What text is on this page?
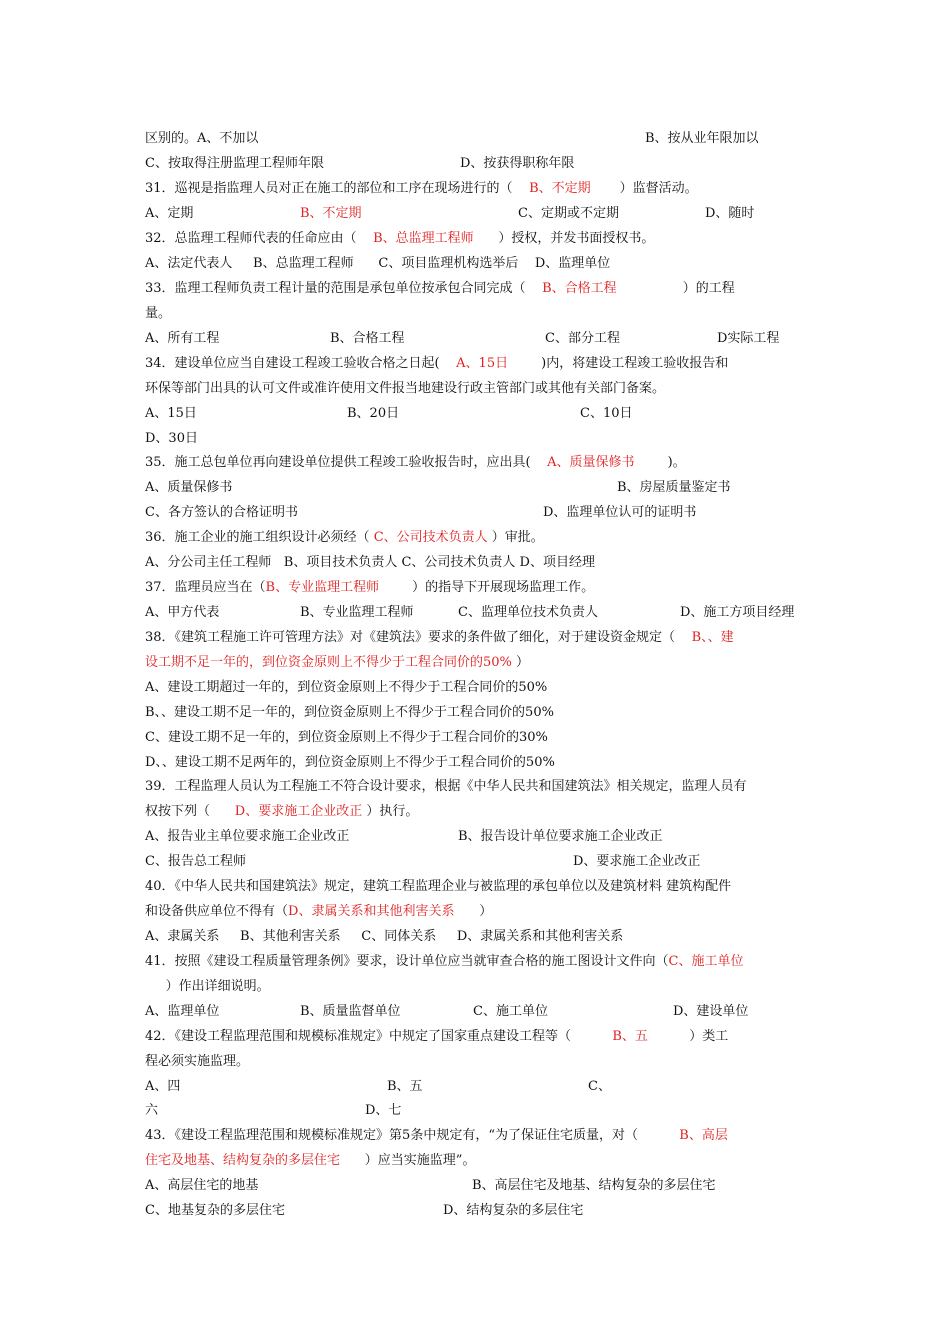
区别的。A、不加以	B、按从业年限加以
C、按取得注册监理工程师年限	D、按获得职称年限
31．巡视是指监理人员对正在施工的部位和工序在现场进行的（    B、不定期       ）监督活动。
A、定期	B、不定期	C、定期或不定期	D、随时
32．总监理工程师代表的任命应由（    B、总监理工程师      ）授权，并发书面授权书。
A、法定代表人     B、总监理工程师      C、项目监理机构选举后    D、监理单位
33．监理工程师负责工程计量的范围是承包单位按承包合同完成（    B、合格工程                ）的工程
量。
A、所有工程	B、合格工程	C、部分工程	D实际工程
34．建设单位应当自建设工程竣工验收合格之日起(    A、15日        )内，将建设工程竣工验收报告和
环保等部门出具的认可文件或准许使用文件报当地建设行政主管部门或其他有关部门备案。
A、15日	B、20日	C、10日
D、30日
35．施工总包单位再向建设单位提供工程竣工验收报告时，应出具(    A、质量保修书        )。
A、质量保修书	B、房屋质量鉴定书
C、各方签认的合格证明书	D、监理单位认可的证明书
36．施工企业的施工组织设计必须经（ C、公司技术负责人 ）审批。
A、分公司主任工程师   B、项目技术负责人 C、公司技术负责人 D、项目经理
37．监理员应当在（B、专业监理工程师        ）的指导下开展现场监理工作。
A、甲方代表	B、专业监理工程师	C、监理单位技术负责人	D、施工方项目经理
38．《建筑工程施工许可管理方法》对《建筑法》要求的条件做了细化，对于建设资金规定（    B、、建
设工期不足一年的，到位资金原则上不得少于工程合同价的50% ）
A、建设工期超过一年的，到位资金原则上不得少于工程合同价的50%
B、、建设工期不足一年的，到位资金原则上不得少于工程合同价的50%
C、建设工期不足一年的，到位资金原则上不得少于工程合同价的30%
D、、建设工期不足两年的，到位资金原则上不得少于工程合同价的50%
39．工程监理人员认为工程施工不符合设计要求，根据《中华人民共和国建筑法》相关规定，监理人员有
权按下列（      D、要求施工企业改正 ）执行。
A、报告业主单位要求施工企业改正	B、报告设计单位要求施工企业改正
C、报告总工程师	D、要求施工企业改正
40．《中华人民共和国建筑法》规定，建筑工程监理企业与被监理的承包单位以及建筑材料 建筑构配件
和设备供应单位不得有（D、隶属关系和其他利害关系      ）
A、隶属关系     B、其他利害关系     C、同体关系     D、隶属关系和其他利害关系
41．按照《建设工程质量管理条例》要求，设计单位应当就审查合格的施工图设计文件向（C、施工单位
）作出详细说明。
A、监理单位	B、质量监督单位	C、施工单位	D、建设单位
42．《建设工程监理范围和规模标准规定》中规定了国家重点建设工程等（          B、五          ）类工
程必须实施监理。
A、四	B、五	C、
六	D、七
43．《建设工程监理范围和规模标准规定》第5条中规定有，“为了保证住宅质量，对（          B、高层
住宅及地基、结构复杂的多层住宅      ）应当实施监理”。
A、高层住宅的地基	B、高层住宅及地基、结构复杂的多层住宅
C、地基复杂的多层住宅	D、结构复杂的多层住宅
